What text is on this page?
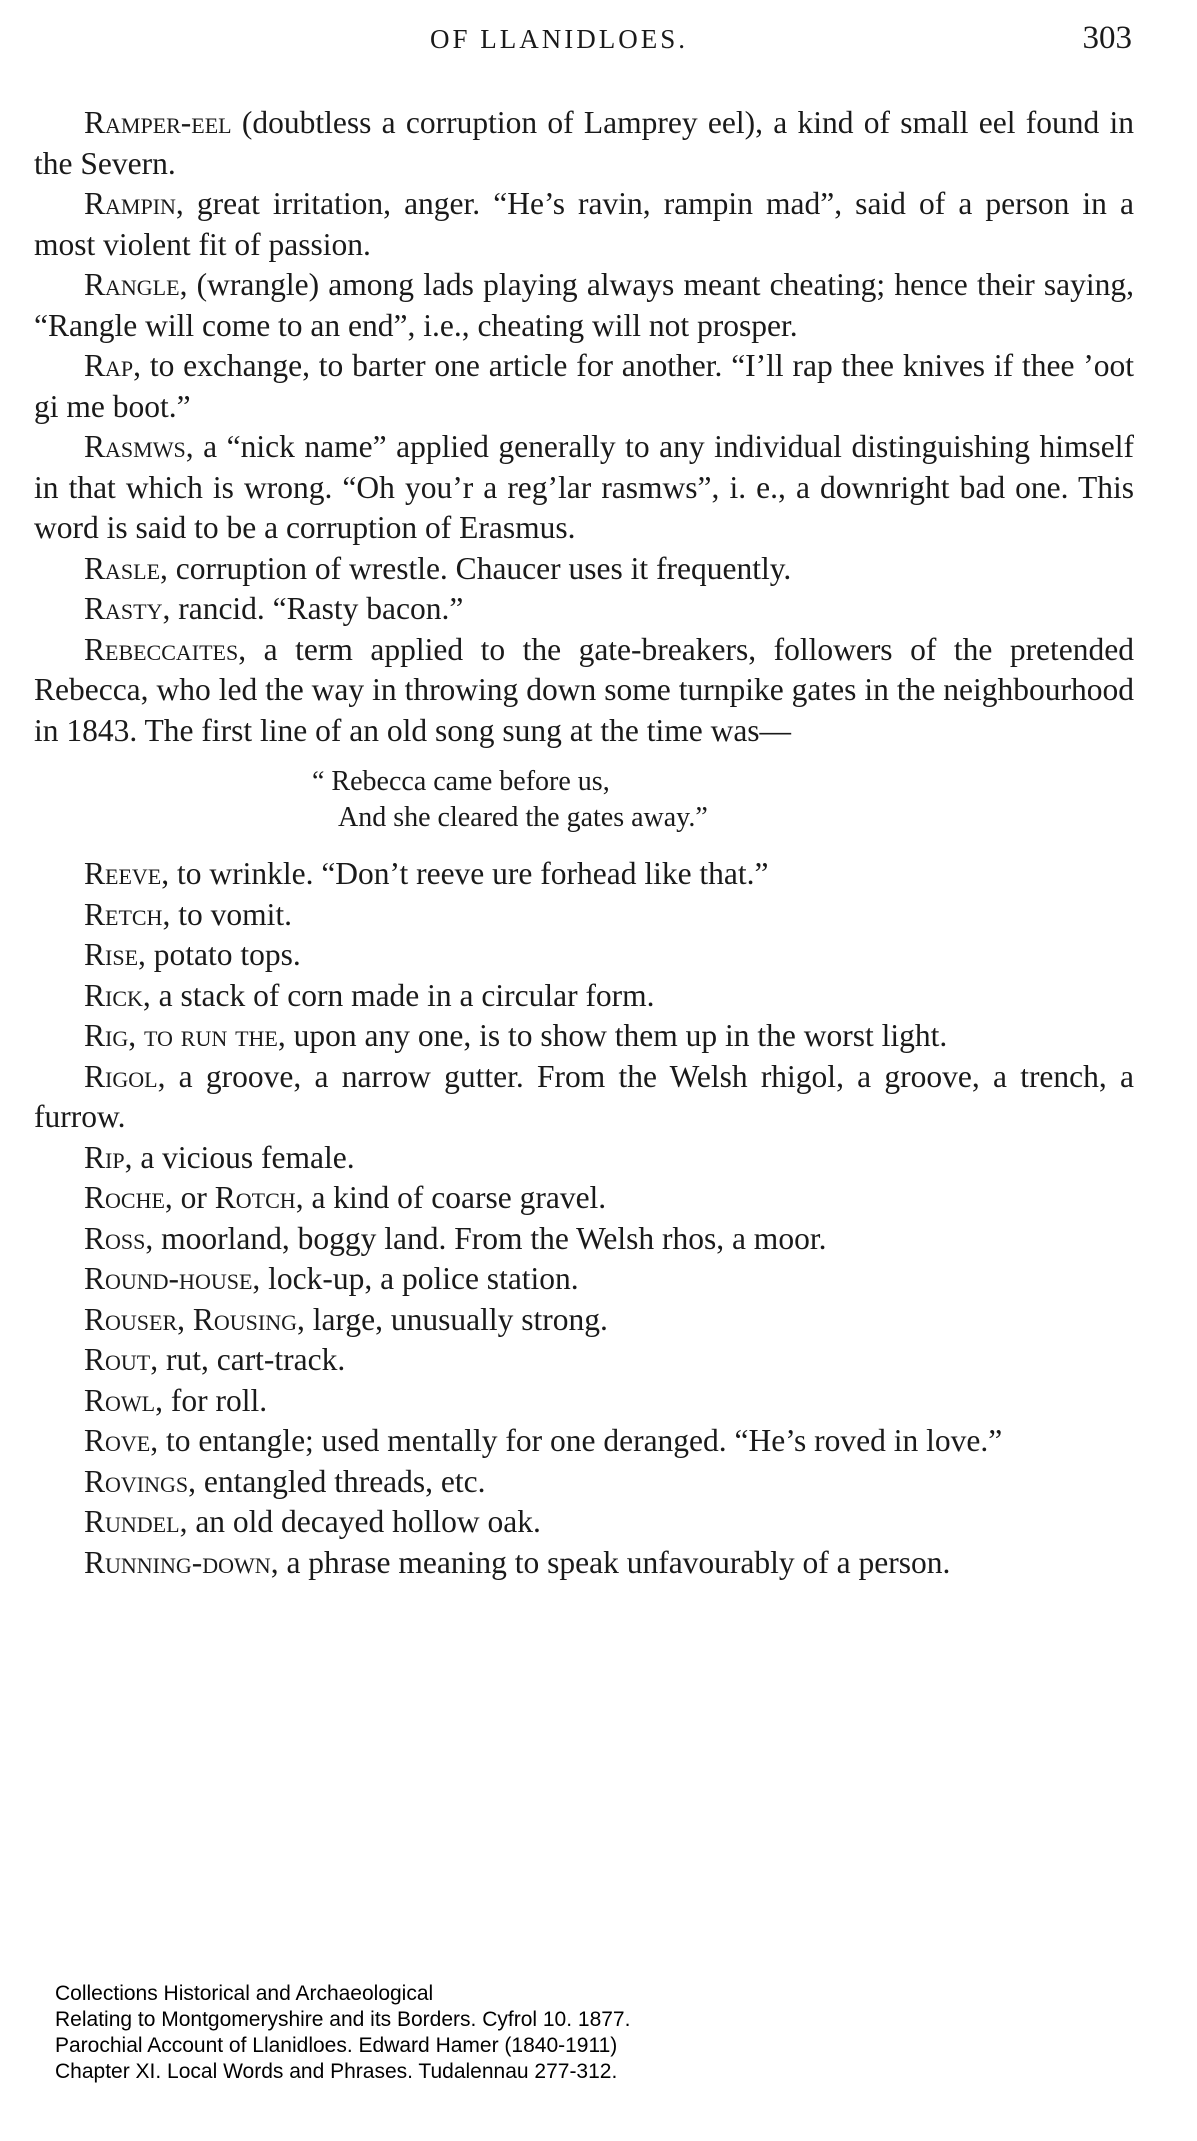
OF LLANIDLOES.	303

Ramper-eel (doubtless a corruption of Lamprey eel), a kind of small eel found in the Severn.

Rampin, great irritation, anger. “He’s ravin, rampin mad”, said of a person in a most violent fit of passion.

Rangle, (wrangle) among lads playing always meant cheating; hence their saying, “Rangle will come to an end”, i.e., cheating will not prosper.

Rap, to exchange, to barter one article for another. “I’ll rap thee knives if thee ’oot gi me boot.”

Rasmws, a “nick name” applied generally to any individual distinguishing himself in that which is wrong. “Oh you’r a reg’lar rasmws”, i. e., a downright bad one. This word is said to be a corruption of Erasmus.

Rasle, corruption of wrestle. Chaucer uses it frequently.

Rasty, rancid. “Rasty bacon.”

Rebeccaites, a term applied to the gate-breakers, followers of the pretended Rebecca, who led the way in throwing down some turnpike gates in the neighbourhood in 1843. The first line of an old song sung at the time was—

“ Rebecca came before us,
And she cleared the gates away.”

Reeve, to wrinkle. “Don’t reeve ure forhead like that.”

Retch, to vomit.

Rise, potato tops.

Rick, a stack of corn made in a circular form.

Rig, to run the, upon any one, is to show them up in the worst light.

Rigol, a groove, a narrow gutter. From the Welsh rhigol, a groove, a trench, a furrow.

Rip, a vicious female.

Roche, or Rotch, a kind of coarse gravel.

Ross, moorland, boggy land. From the Welsh rhos, a moor.

Round-house, lock-up, a police station.

Rouser, Rousing, large, unusually strong.

Rout, rut, cart-track.

Rowl, for roll.

Rove, to entangle; used mentally for one deranged. “He’s roved in love.”

Rovings, entangled threads, etc.

Rundel, an old decayed hollow oak.

Running-down, a phrase meaning to speak unfavourably of a person.

Collections Historical and Archaeological
Relating to Montgomeryshire and its Borders. Cyfrol 10. 1877.
Parochial Account of Llanidloes. Edward Hamer (1840-1911)
Chapter XI. Local Words and Phrases. Tudalennau 277-312.
